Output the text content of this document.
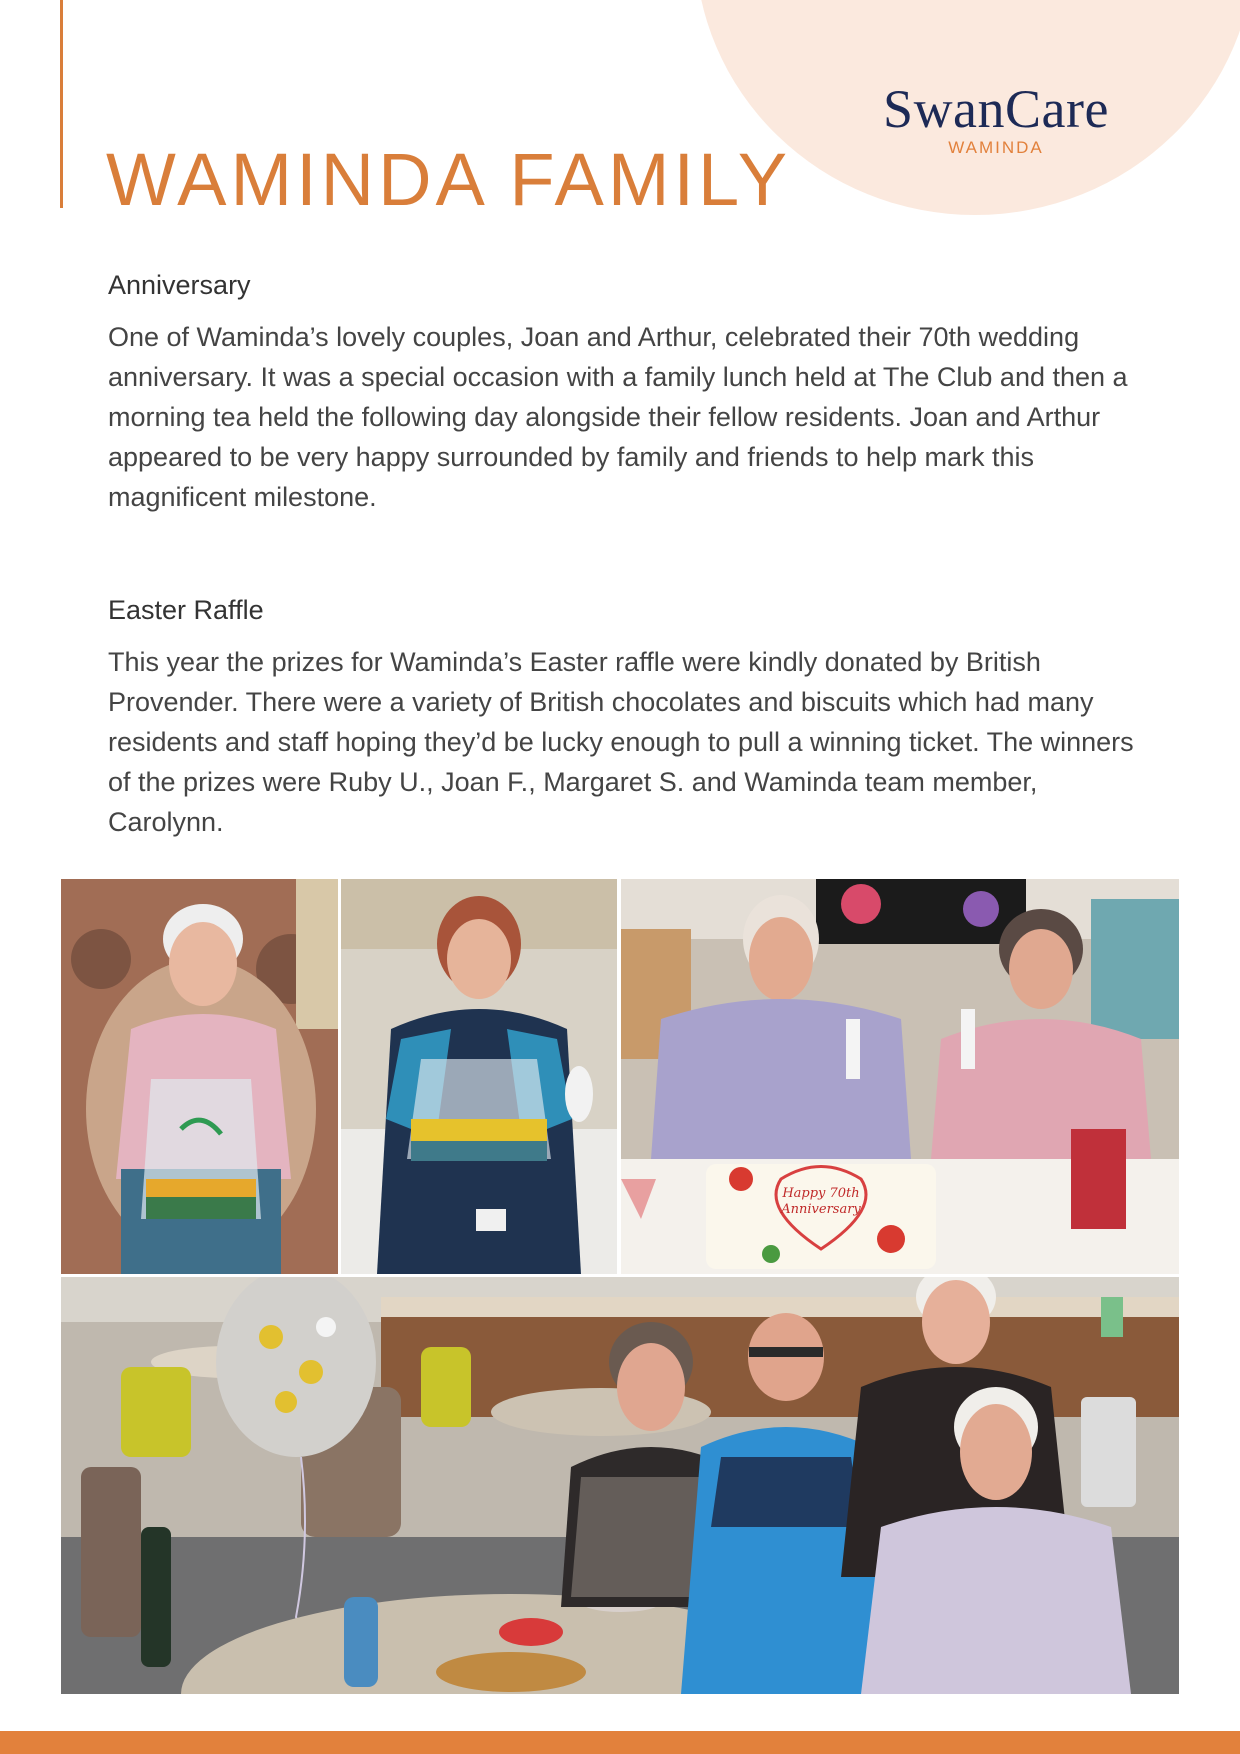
SwanCare
WAMINDA
WAMINDA FAMILY
Anniversary

One of Waminda’s lovely couples, Joan and Arthur, celebrated their 70th wedding anniversary. It was a special occasion with a family lunch held at The Club and then a morning tea held the following day alongside their fellow residents. Joan and Arthur appeared to be very happy surrounded by family and friends to help mark this magnificent milestone.

Easter Raffle

This year the prizes for Waminda’s Easter raffle were kindly donated by British Provender. There were a variety of British chocolates and biscuits which had many residents and staff hoping they’d be lucky enough to pull a winning ticket. The winners of the prizes were Ruby U., Joan F., Margaret S. and Waminda team member, Carolynn.

Happy 70th
Anniversary
